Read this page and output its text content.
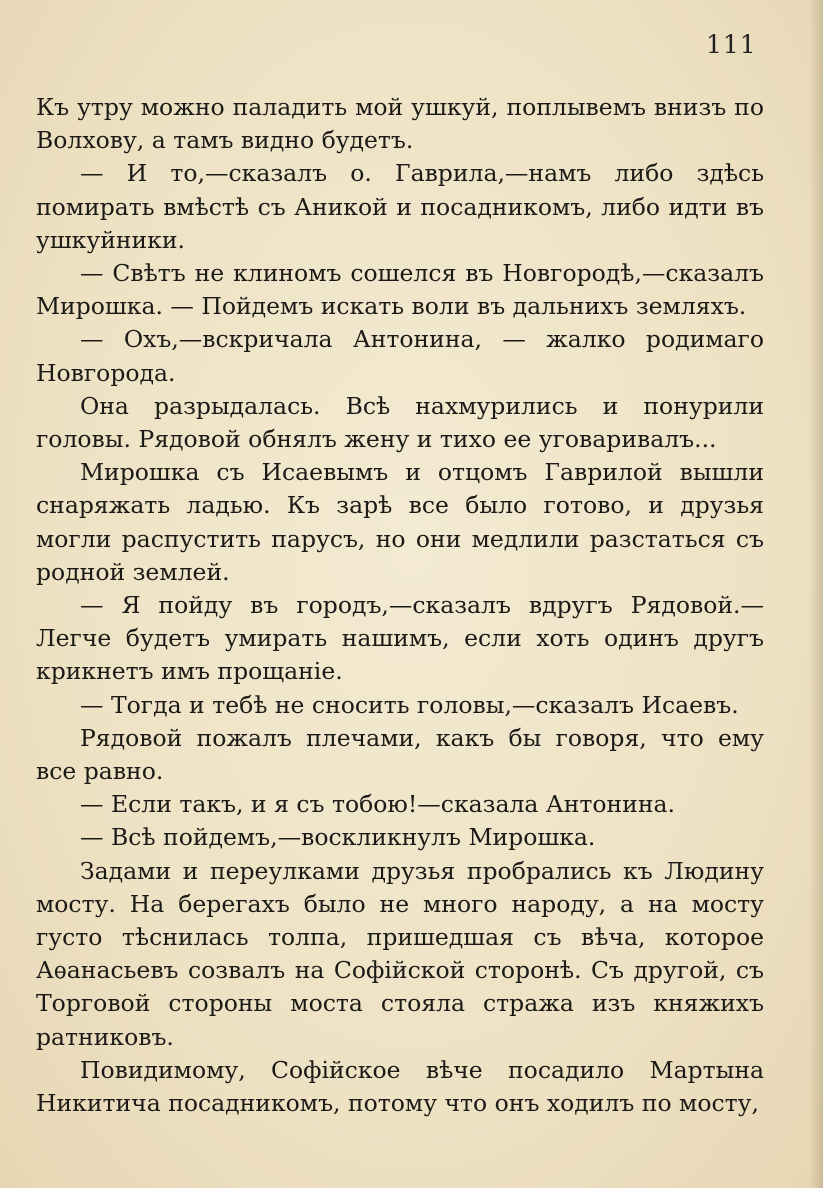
111

Къ утру можно паладить мой ушкуй, поплывемъ внизъ по Волхову, а тамъ видно будетъ.

— И то,—сказалъ о. Гаврила,—намъ либо здѣсь помирать вмѣстѣ съ Аникой и посадникомъ, либо идти въ ушкуйники.

— Свѣтъ не клиномъ сошелся въ Новгородѣ,—сказалъ Мирошка. — Пойдемъ искать воли въ дальнихъ земляхъ.

— Охъ,—вскричала Антонина, — жалко родимаго Новгорода.

Она разрыдалась. Всѣ нахмурились и понурили головы. Рядовой обнялъ жену и тихо ее уговаривалъ...

Мирошка съ Исаевымъ и отцомъ Гаврилой вышли снаряжать ладью. Къ зарѣ все было готово, и друзья могли распустить парусъ, но они медлили разстаться съ родной землей.

— Я пойду въ городъ,—сказалъ вдругъ Рядовой.— Легче будетъ умирать нашимъ, если хоть одинъ другъ крикнетъ имъ прощанiе.

— Тогда и тебѣ не сносить головы,—сказалъ Исаевъ.

Рядовой пожалъ плечами, какъ бы говоря, что ему все равно.

— Если такъ, и я съ тобою!—сказала Антонина.

— Всѣ пойдемъ,—воскликнулъ Мирошка.

Задами и переулками друзья пробрались къ Людину мосту. На берегахъ было не много народу, а на мосту густо тѣснилась толпа, пришедшая съ вѣча, которое Аѳанасьевъ созвалъ на Софiйской сторонѣ. Съ другой, съ Торговой стороны моста стояла стража изъ княжихъ ратниковъ.

Повидимому, Софiйское вѣче посадило Мартына Никитича посадникомъ, потому что онъ ходилъ по мосту,
